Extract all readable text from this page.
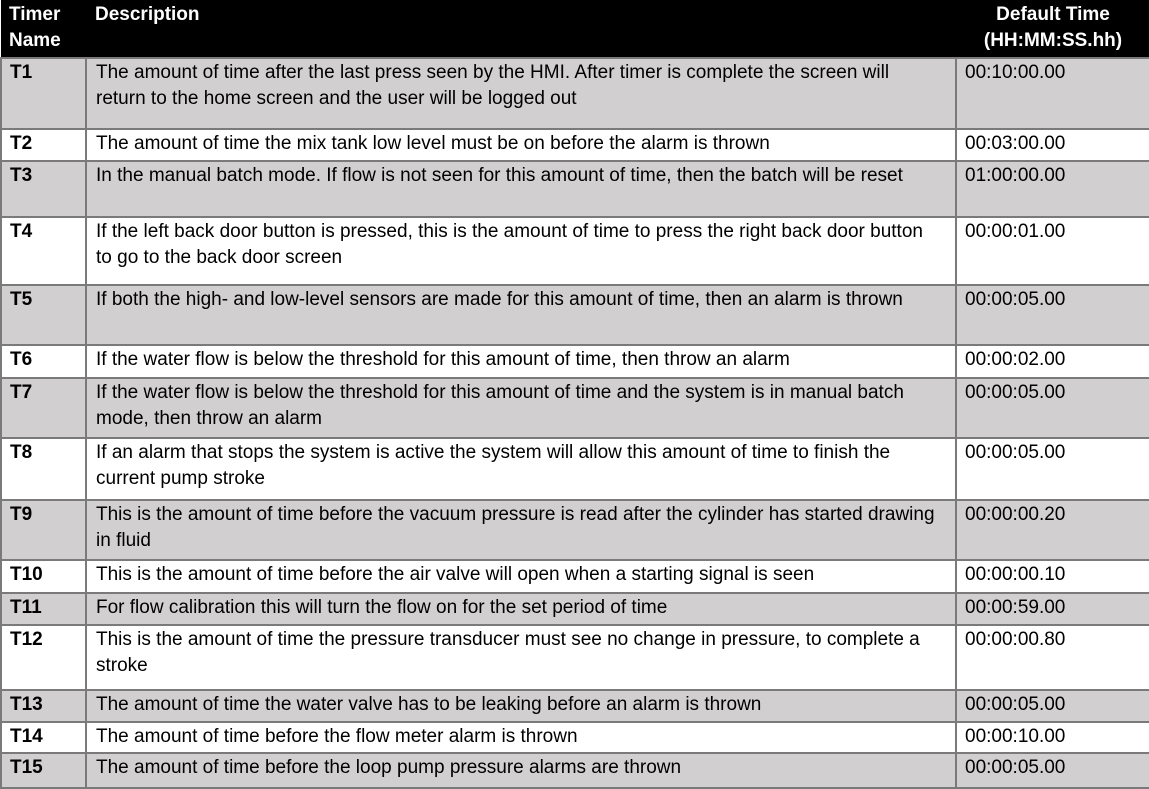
Timer Name	Description	Default Time (HH:MM:SS.hh)
T1	The amount of time after the last press seen by the HMI. After timer is complete the screen will return to the home screen and the user will be logged out	00:10:00.00
T2	The amount of time the mix tank low level must be on before the alarm is thrown	00:03:00.00
T3	In the manual batch mode. If flow is not seen for this amount of time, then the batch will be reset	01:00:00.00
T4	If the left back door button is pressed, this is the amount of time to press the right back door button to go to the back door screen	00:00:01.00
T5	If both the high- and low-level sensors are made for this amount of time, then an alarm is thrown	00:00:05.00
T6	If the water flow is below the threshold for this amount of time, then throw an alarm	00:00:02.00
T7	If the water flow is below the threshold for this amount of time and the system is in manual batch mode, then throw an alarm	00:00:05.00
T8	If an alarm that stops the system is active the system will allow this amount of time to finish the current pump stroke	00:00:05.00
T9	This is the amount of time before the vacuum pressure is read after the cylinder has started drawing in fluid	00:00:00.20
T10	This is the amount of time before the air valve will open when a starting signal is seen	00:00:00.10
T11	For flow calibration this will turn the flow on for the set period of time	00:00:59.00
T12	This is the amount of time the pressure transducer must see no change in pressure, to complete a stroke	00:00:00.80
T13	The amount of time the water valve has to be leaking before an alarm is thrown	00:00:05.00
T14	The amount of time before the flow meter alarm is thrown	00:00:10.00
T15	The amount of time before the loop pump pressure alarms are thrown	00:00:05.00
